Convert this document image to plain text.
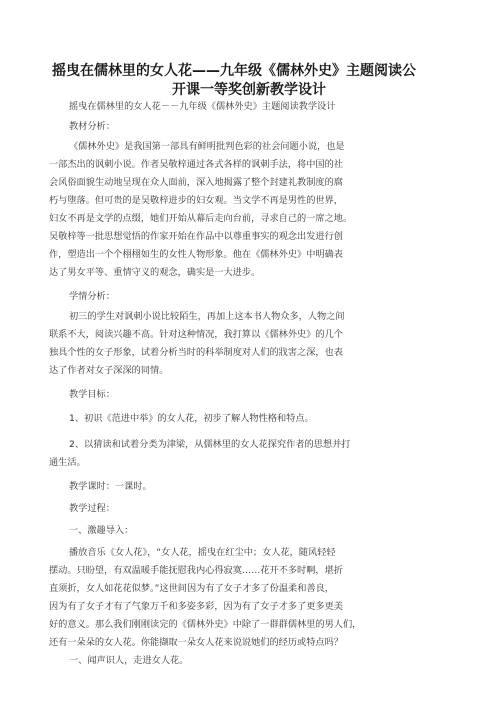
摇曳在儒林里的女人花——九年级《儒林外史》主题阅读公
开课一等奖创新教学设计
摇曳在儒林里的女人花－－九年级《儒林外史》主题阅读教学设计
教材分析：
《儒林外史》是我国第一部具有鲜明批判色彩的社会问题小说，也是
一部杰出的讽刺小说。作者吴敬梓通过各式各样的讽刺手法，将中国的社
会风俗面貌生动地呈现在众人面前，深入地揭露了整个封建礼教制度的腐
朽与堕落。但可贵的是吴敬梓进步的妇女观。当文学不再是男性的世界，
妇女不再是文学的点缀，她们开始从幕后走向台前，寻求自己的一席之地。
吴敬梓等一批思想觉悟的作家开始在作品中以尊重事实的观念出发进行创
作，塑造出一个个栩栩如生的女性人物形象。他在《儒林外史》中明确表
达了男女平等、重情守义的观念，确实是一大进步。
学情分析：
初三的学生对讽刺小说比较陌生，再加上这本书人物众多，人物之间
联系不大，阅读兴趣不高。针对这种情况，我打算以《儒林外史》的几个
独具个性的女子形象，试着分析当时的科举制度对人们的戕害之深，也表
达了作者对女子深深的同情。
教学目标：
1、初识《范进中举》的女人花，初步了解人物性格和特点。
2、以猜读和试着分类为津梁，从儒林里的女人花探究作者的思想并打
通生活。
教学课时：一课时。
教学过程：
一、激趣导入：
播放音乐《女人花》，“女人花，摇曳在红尘中；女人花，随风轻轻
摆动。只盼望，有双温暖手能抚慰我内心得寂寞……花开不多时啊，堪折
直须折，女人如花花似梦。”这世间因为有了女子才多了份温柔和善良，
因为有了女子才有了气象万千和多姿多彩，因为有了女子才多了更多更美
好的意义。那么我们刚刚读完的《儒林外史》中除了一群群儒林里的男人们，
还有一朵朵的女人花。你能撷取一朵女人花来说说她们的经历或特点吗？
一、闻声识人，走进女人花。
